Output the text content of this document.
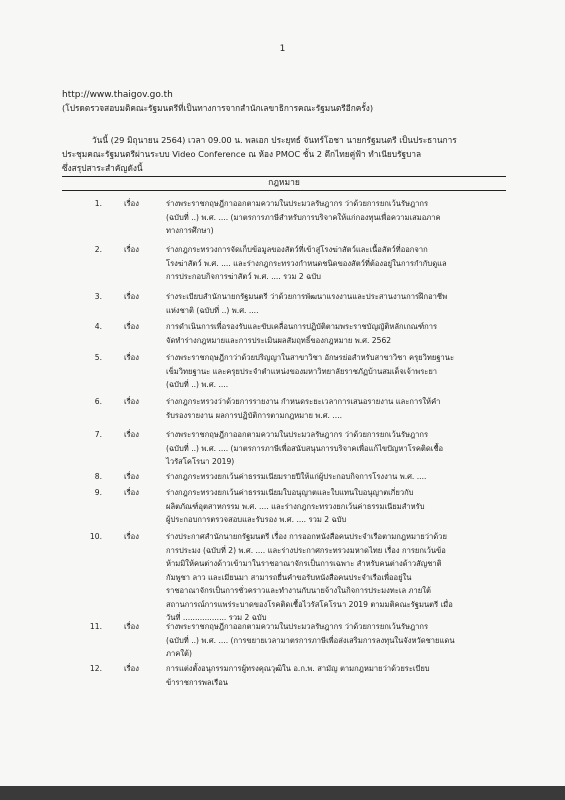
1
http://www.thaigov.go.th
(โปรดตรวจสอบมติคณะรัฐมนตรีที่เป็นทางการจากสำนักเลขาธิการคณะรัฐมนตรีอีกครั้ง)
วันนี้ (29 มิถุนายน 2564) เวลา 09.00 น. พลเอก ประยุทธ์ จันทร์โอชา นายกรัฐมนตรี เป็นประธานการ
ประชุมคณะรัฐมนตรีผ่านระบบ Video Conference ณ ห้อง PMOC ชั้น 2 ตึกไทยคู่ฟ้า ทำเนียบรัฐบาล
ซึ่งสรุปสาระสำคัญดังนี้
กฎหมาย
1.	เรื่อง	ร่างพระราชกฤษฎีกาออกตามความในประมวลรัษฎากร ว่าด้วยการยกเว้นรัษฎากร
(ฉบับที่ ..) พ.ศ. .... (มาตรการภาษีสำหรับการบริจาคให้แก่กองทุนเพื่อความเสมอภาค
ทางการศึกษา)
2.	เรื่อง	ร่างกฎกระทรวงการจัดเก็บข้อมูลของสัตว์ที่เข้าสู่โรงฆ่าสัตว์และเนื้อสัตว์ที่ออกจาก
โรงฆ่าสัตว์ พ.ศ. .... และร่างกฎกระทรวงกำหนดชนิดของสัตว์ที่ต้องอยู่ในการกำกับดูแล
การประกอบกิจการฆ่าสัตว์ พ.ศ. .... รวม 2 ฉบับ
3.	เรื่อง	ร่างระเบียบสำนักนายกรัฐมนตรี ว่าด้วยการพัฒนาแรงงานและประสานงานการฝึกอาชีพ
แห่งชาติ (ฉบับที่ ..) พ.ศ. ....
4.	เรื่อง	การดำเนินการเพื่อรองรับและขับเคลื่อนการปฏิบัติตามพระราชบัญญัติหลักเกณฑ์การ
จัดทำร่างกฎหมายและการประเมินผลสัมฤทธิ์ของกฎหมาย พ.ศ. 2562
5.	เรื่อง	ร่างพระราชกฤษฎีกาว่าด้วยปริญญาในสาขาวิชา อักษรย่อสำหรับสาขาวิชา ครุยวิทยฐานะ
เข็มวิทยฐานะ และครุยประจำตำแหน่งของมหาวิทยาลัยราชภัฏบ้านสมเด็จเจ้าพระยา
(ฉบับที่ ..) พ.ศ. ....
6.	เรื่อง	ร่างกฎกระทรวงว่าด้วยการรายงาน กำหนดระยะเวลาการเสนอรายงาน และการให้คำ
รับรองรายงาน ผลการปฏิบัติการตามกฎหมาย พ.ศ. ....
7.	เรื่อง	ร่างพระราชกฤษฎีกาออกตามความในประมวลรัษฎากร ว่าด้วยการยกเว้นรัษฎากร
(ฉบับที่ ..) พ.ศ. .... (มาตรการภาษีเพื่อสนับสนุนการบริจาคเพื่อแก้ไขปัญหาโรคติดเชื้อ
ไวรัสโคโรนา 2019)
8.	เรื่อง	ร่างกฎกระทรวงยกเว้นค่าธรรมเนียมรายปีให้แก่ผู้ประกอบกิจการโรงงาน พ.ศ. ....
9.	เรื่อง	ร่างกฎกระทรวงยกเว้นค่าธรรมเนียมใบอนุญาตและใบแทนใบอนุญาตเกี่ยวกับ
ผลิตภัณฑ์อุตสาหกรรม พ.ศ. .... และร่างกฎกระทรวงยกเว้นค่าธรรมเนียมสำหรับ
ผู้ประกอบการตรวจสอบและรับรอง พ.ศ. .... รวม 2 ฉบับ
10.	เรื่อง	ร่างประกาศสำนักนายกรัฐมนตรี เรื่อง การออกหนังสือคนประจำเรือตามกฎหมายว่าด้วย
การประมง (ฉบับที่ 2) พ.ศ. .... และร่างประกาศกระทรวงมหาดไทย เรื่อง การยกเว้นข้อ
ห้ามมิให้คนต่างด้าวเข้ามาในราชอาณาจักรเป็นการเฉพาะ สำหรับคนต่างด้าวสัญชาติ
กัมพูชา ลาว และเมียนมา สามารถยื่นคำขอรับหนังสือคนประจำเรือเพื่ออยู่ใน
ราชอาณาจักรเป็นการชั่วคราวและทำงานกับนายจ้างในกิจการประมงทะเล ภายใต้
สถานการณ์การแพร่ระบาดของโรคติดเชื้อไวรัสโคโรนา 2019 ตามมติคณะรัฐมนตรี เมื่อ
วันที่ .................. รวม 2 ฉบับ
11.	เรื่อง	ร่างพระราชกฤษฎีกาออกตามความในประมวลรัษฎากร ว่าด้วยการยกเว้นรัษฎากร
(ฉบับที่ ..) พ.ศ. .... (การขยายเวลามาตรการภาษีเพื่อส่งเสริมการลงทุนในจังหวัดชายแดน
ภาคใต้)
12.	เรื่อง	การแต่งตั้งอนุกรรมการผู้ทรงคุณวุฒิใน อ.ก.พ. สามัญ ตามกฎหมายว่าด้วยระเบียบ
ข้าราชการพลเรือน
